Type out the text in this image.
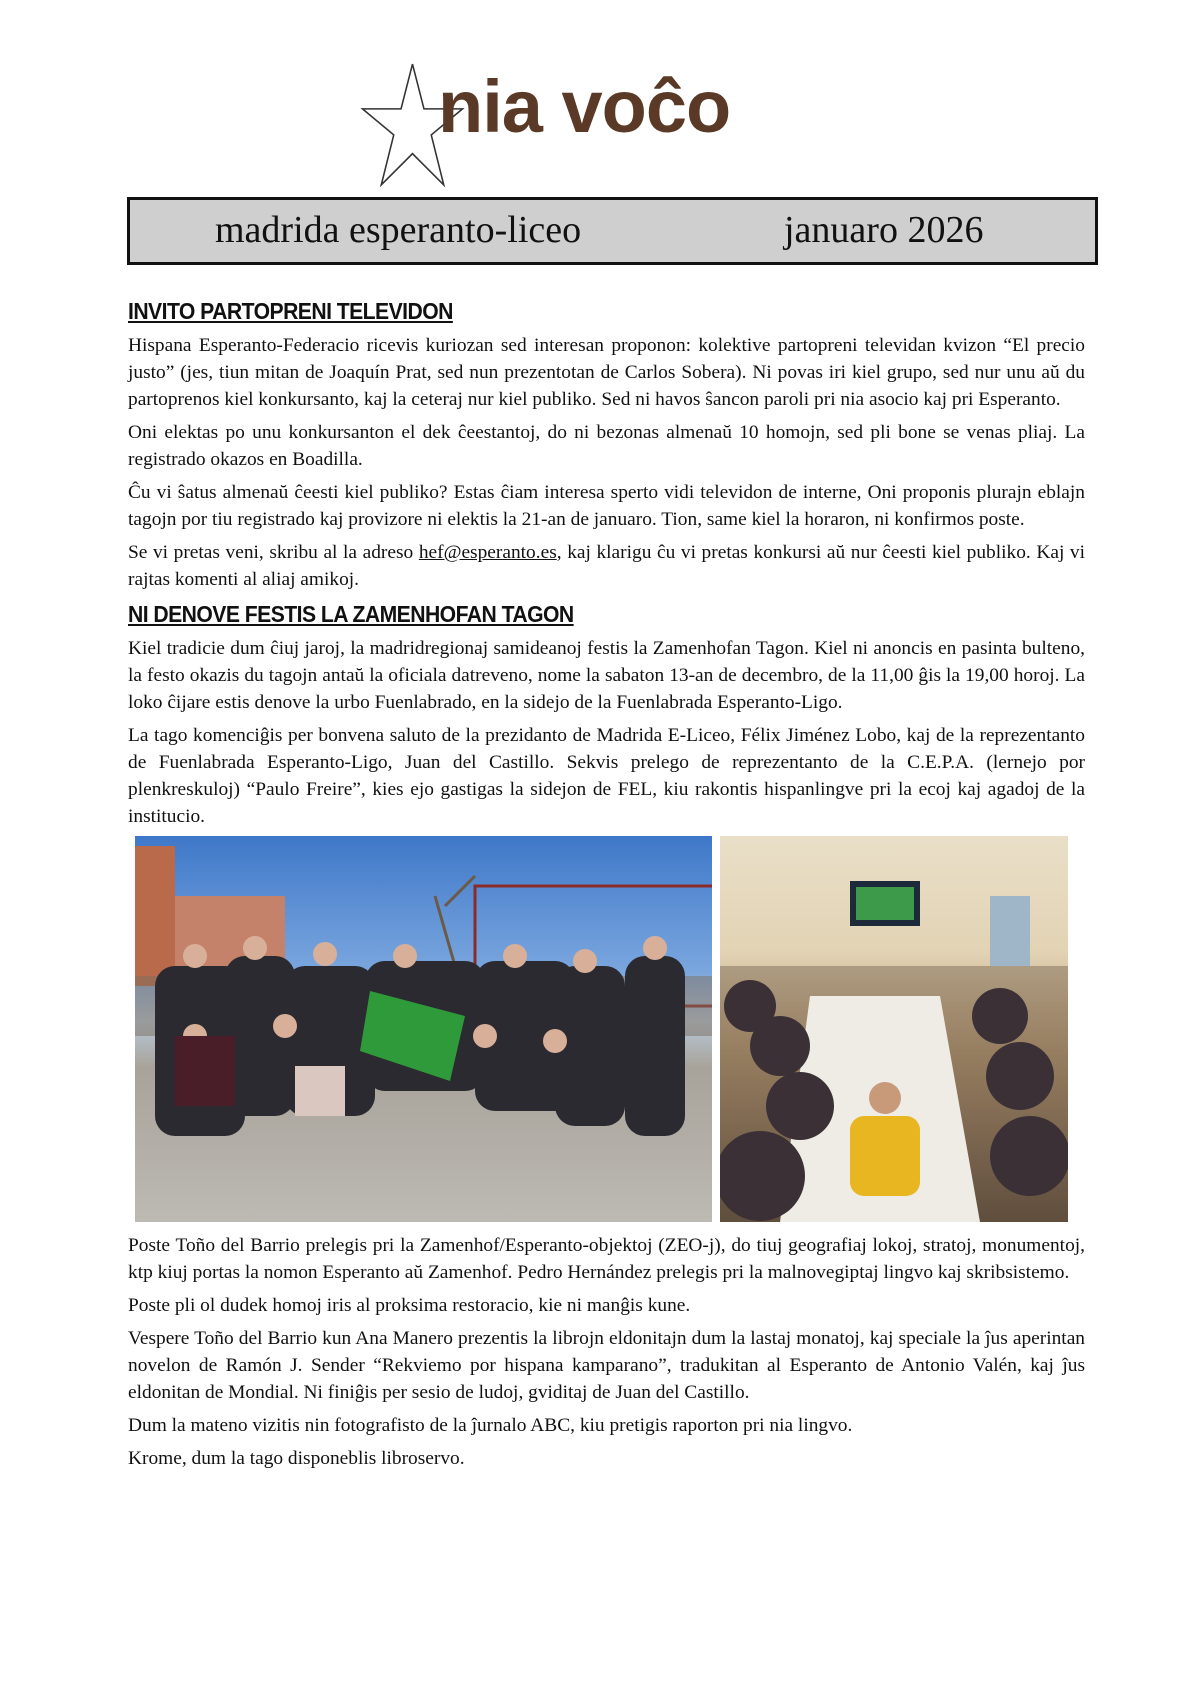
nia voĉo
madrida esperanto-liceo	januaro 2026
INVITO PARTOPRENI TELEVIDON

Hispana Esperanto-Federacio ricevis kuriozan sed interesan proponon: kolektive partopreni televidan kvizon “El precio justo” (jes, tiun mitan de Joaquín Prat, sed nun prezentotan de Carlos Sobera). Ni povas iri kiel grupo, sed nur unu aŭ du partoprenos kiel konkursanto, kaj la ceteraj nur kiel publiko. Sed ni havos ŝancon paroli pri nia asocio kaj pri Esperanto.

Oni elektas po unu konkursanton el dek ĉeestantoj, do ni bezonas almenaŭ 10 homojn, sed pli bone se venas pliaj. La registrado okazos en Boadilla.

Ĉu vi ŝatus almenaŭ ĉeesti kiel publiko? Estas ĉiam interesa sperto vidi televidon de interne, Oni proponis plurajn eblajn tagojn por tiu registrado kaj provizore ni elektis la 21-an de januaro. Tion, same kiel la horaron, ni konfirmos poste.

Se vi pretas veni, skribu al la adreso hef@esperanto.es, kaj klarigu ĉu vi pretas konkursi aŭ nur ĉeesti kiel publiko. Kaj vi rajtas komenti al aliaj amikoj.

NI DENOVE FESTIS LA ZAMENHOFAN TAGON

Kiel tradicie dum ĉiuj jaroj, la madridregionaj samideanoj festis la Zamenhofan Tagon. Kiel ni anoncis en pasinta bulteno, la festo okazis du tagojn antaŭ la oficiala datreveno, nome la sabaton 13-an de decembro, de la 11,00 ĝis la 19,00 horoj. La loko ĉijare estis denove la urbo Fuenlabrado, en la sidejo de la Fuenlabrada Esperanto-Ligo.

La tago komenciĝis per bonvena saluto de la prezidanto de Madrida E-Liceo, Félix Jiménez Lobo, kaj de la reprezentanto de Fuenlabrada Esperanto-Ligo, Juan del Castillo. Sekvis prelego de reprezentanto de la C.E.P.A. (lernejo por plenkreskuloj) “Paulo Freire”, kies ejo gastigas la sidejon de FEL, kiu rakontis hispanlingve pri la ecoj kaj agadoj de la institucio.

Poste Toño del Barrio prelegis pri la Zamenhof/Esperanto-objektoj (ZEO-j), do tiuj geografiaj lokoj, stratoj, monumentoj, ktp kiuj portas la nomon Esperanto aŭ Zamenhof. Pedro Hernández prelegis pri la malnovegiptaj lingvo kaj skribsistemo.

Poste pli ol dudek homoj iris al proksima restoracio, kie ni manĝis kune.

Vespere Toño del Barrio kun Ana Manero prezentis la librojn eldonitajn dum la lastaj monatoj, kaj speciale la ĵus aperintan novelon de Ramón J. Sender “Rekviemo por hispana kamparano”, tradukitan al Esperanto de Antonio Valén, kaj ĵus eldonitan de Mondial. Ni finiĝis per sesio de ludoj, gviditaj de Juan del Castillo.

Dum la mateno vizitis nin fotografisto de la ĵurnalo ABC, kiu pretigis raporton pri nia lingvo.

Krome, dum la tago disponeblis libroservo.
